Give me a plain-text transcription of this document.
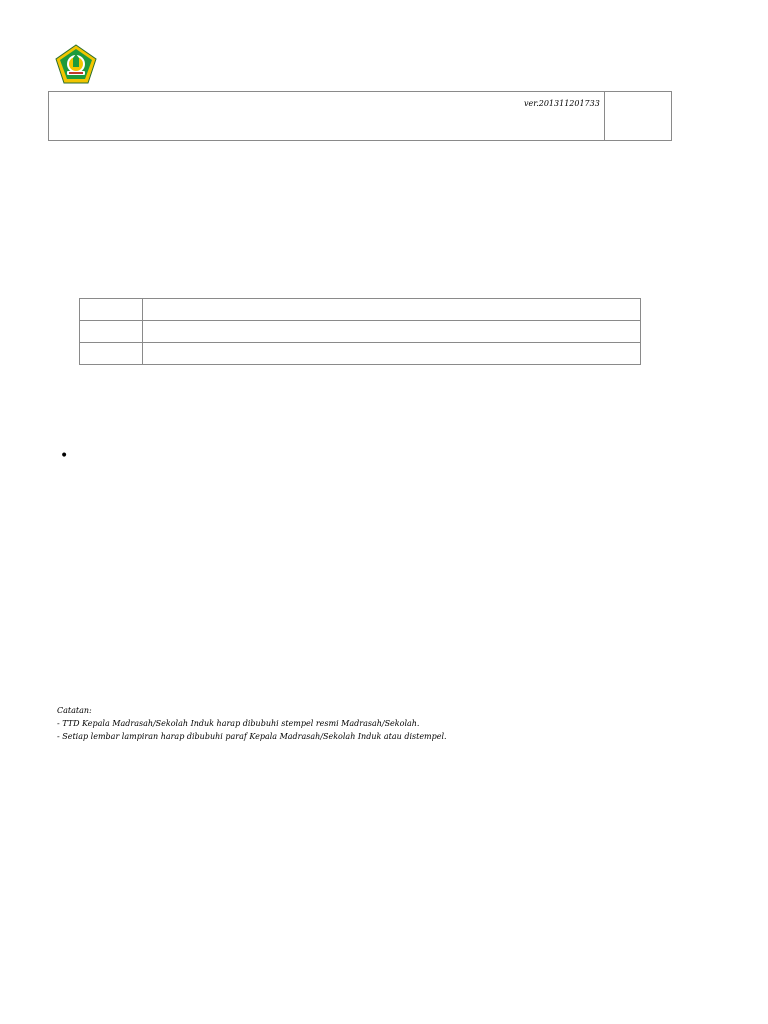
ver.201311201733

•
Catatan:
- TTD Kepala Madrasah/Sekolah Induk harap dibubuhi stempel resmi Madrasah/Sekolah.
- Setiap lembar lampiran harap dibubuhi paraf Kepala Madrasah/Sekolah Induk atau distempel.
